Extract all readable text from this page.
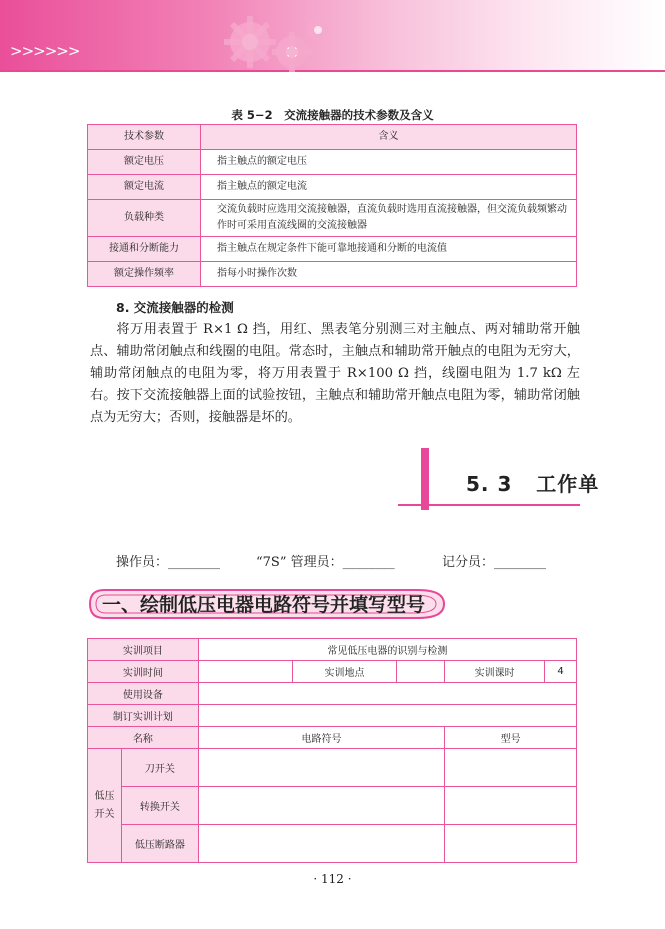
>>>>>>
表 5−2　交流接触器的技术参数及含义
技术参数	含义
额定电压	指主触点的额定电压
额定电流	指主触点的额定电流
负载种类	交流负载时应选用交流接触器，直流负载时选用直流接触器，但交流负载频繁动作时可采用直流线圈的交流接触器
接通和分断能力	指主触点在规定条件下能可靠地接通和分断的电流值
额定操作频率	指每小时操作次数
8. 交流接触器的检测
将万用表置于 R×1 Ω 挡，用红、黑表笔分别测三对主触点、两对辅助常开触点、辅助常闭触点和线圈的电阻。常态时，主触点和辅助常开触点的电阻为无穷大，辅助常闭触点的电阻为零，将万用表置于 R×100 Ω 挡，线圈电阻为 1.7 kΩ 左右。按下交流接触器上面的试验按钮，主触点和辅助常开触点电阻为零，辅助常闭触点为无穷大；否则，接触器是坏的。
5. 3 工作单
操作员：________	“7S” 管理员：________	记分员：________
一、绘制低压电器电路符号并填写型号
实训项目		常见低压电器的识别与检测				
实训时间			实训地点		实训课时	4
使用设备						
制订实训计划						
名称		电路符号			型号	
低压开关	刀开关					
	转换开关					
	低压断路器					
· 112 ·
